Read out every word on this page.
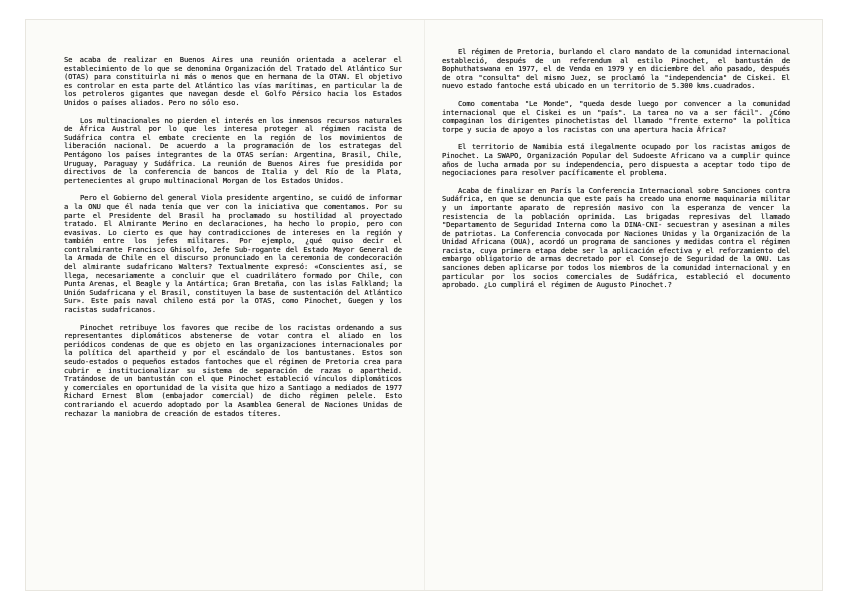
Se acaba de realizar en Buenos Aires una reunión orientada a acelerar el establecimiento de lo que se denomina Organización del Tratado del Atlántico Sur (OTAS) para constituirla ni más o menos que en hermana de la OTAN. El objetivo es controlar en esta parte del Atlántico las vías marítimas, en particular la de los petroleros gigantes que navegan desde el Golfo Pérsico hacia los Estados Unidos o países aliados. Pero no sólo eso.

Los multinacionales no pierden el interés en los inmensos recursos naturales de África Austral por lo que les interesa proteger al régimen racista de Sudáfrica contra el embate creciente en la región de los movimientos de liberación nacional. De acuerdo a la programación de los estrategas del Pentágono los países integrantes de la OTAS serían: Argentina, Brasil, Chile, Uruguay, Paraguay y Sudáfrica. La reunión de Buenos Aires fue presidida por directivos de la conferencia de bancos de Italia y del Río de la Plata, pertenecientes al grupo multinacional Morgan de los Estados Unidos.

Pero el Gobierno del general Viola presidente argentino, se cuidó de informar a la ONU que él nada tenía que ver con la iniciativa que comentamos. Por su parte el Presidente del Brasil ha proclamado su hostilidad al proyectado tratado. El Almirante Merino en declaraciones, ha hecho lo propio, pero con evasivas. Lo cierto es que hay contradicciones de intereses en la región y también entre los jefes militares. Por ejemplo, ¿qué quiso decir el contralmirante Francisco Ghisolfo, Jefe Sub-rogante del Estado Mayor General de la Armada de Chile en el discurso pronunciado en la ceremonia de condecoración del almirante sudafricano Walters? Textualmente expresó: «Conscientes así, se llega, necesariamente a concluir que el cuadrilátero formado por Chile, con Punta Arenas, el Beagle y la Antártica; Gran Bretaña, con las islas Falkland; la Unión Sudafricana y el Brasil, constituyen la base de sustentación del Atlántico Sur». Este país naval chileno está por la OTAS, como Pinochet, Guegen y los racistas sudafricanos.

Pinochet retribuye los favores que recibe de los racistas ordenando a sus representantes diplomáticos abstenerse de votar contra el aliado en los periódicos condenas de que es objeto en las organizaciones internacionales por la política del apartheid y por el escándalo de los bantustanes. Estos son seudo-estados o pequeños estados fantoches que el régimen de Pretoria crea para cubrir e institucionalizar su sistema de separación de razas o apartheid. Tratándose de un bantustán con el que Pinochet estableció vínculos diplomáticos y comerciales en oportunidad de la visita que hizo a Santiago a mediados de 1977 Richard Ernest Blom (embajador comercial) de dicho régimen pelele. Esto contrariando el acuerdo adoptado por la Asamblea General de Naciones Unidas de rechazar la maniobra de creación de estados títeres.

El régimen de Pretoria, burlando el claro mandato de la comunidad internacional estableció, después de un referendum al estilo Pinochet, el bantustán de Bophuthatswana en 1977, el de Venda en 1979 y en diciembre del año pasado, después de otra "consulta" del mismo Juez, se proclamó la "independencia" de Ciskei. El nuevo estado fantoche está ubicado en un territorio de 5.300 kms.cuadrados.

Como comentaba "Le Monde", "queda desde luego por convencer a la comunidad internacional que el Ciskei es un "país". La tarea no va a ser fácil". ¿Cómo compaginan los dirigentes pinochetistas del llamado "frente externo" la política torpe y sucia de apoyo a los racistas con una apertura hacia África?

El territorio de Namibia está ilegalmente ocupado por los racistas amigos de Pinochet. La SWAPO, Organización Popular del Sudoeste Africano va a cumplir quince años de lucha armada por su independencia, pero dispuesta a aceptar todo tipo de negociaciones para resolver pacíficamente el problema.

Acaba de finalizar en París la Conferencia Internacional sobre Sanciones contra Sudáfrica, en que se denuncia que este país ha creado una enorme maquinaria militar y un importante aparato de represión masivo con la esperanza de vencer la resistencia de la población oprimida. Las brigadas represivas del llamado "Departamento de Seguridad Interna como la DINA-CNI- secuestran y asesinan a miles de patriotas. La Conferencia convocada por Naciones Unidas y la Organización de la Unidad Africana (OUA), acordó un programa de sanciones y medidas contra el régimen racista, cuya primera etapa debe ser la aplicación efectiva y el reforzamiento del embargo obligatorio de armas decretado por el Consejo de Seguridad de la ONU. Las sanciones deben aplicarse por todos los miembros de la comunidad internacional y en particular por los socios comerciales de Sudáfrica, estableció el documento aprobado. ¿Lo cumplirá el régimen de Augusto Pinochet.?
